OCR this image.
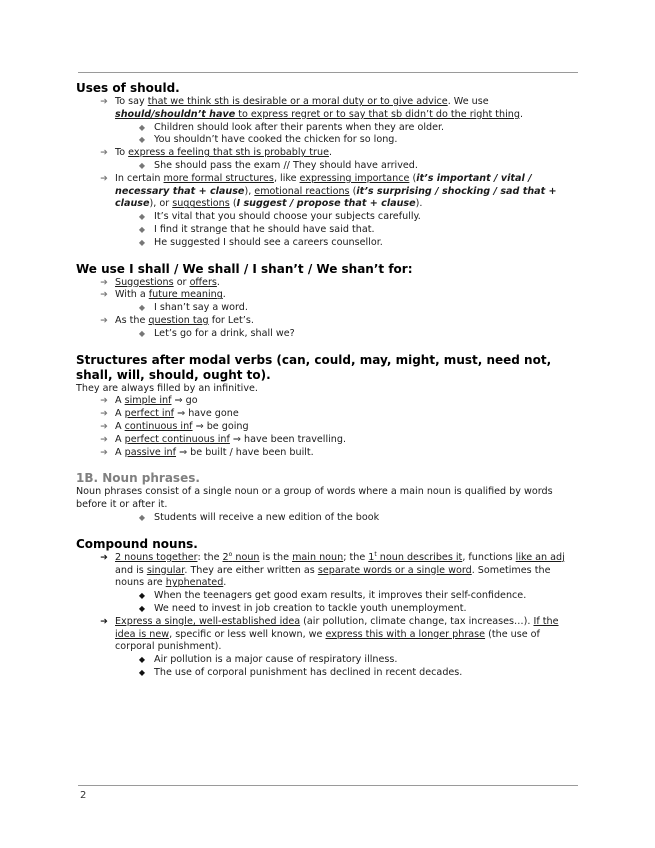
Uses of should.
➔ To say that we think sth is desirable or a moral duty or to give advice. We use should/shouldn’t have to express regret or to say that sb didn’t do the right thing.
◆ Children should look after their parents when they are older.
◆ You shouldn’t have cooked the chicken for so long.
➔ To express a feeling that sth is probably true.
◆ She should pass the exam // They should have arrived.
➔ In certain more formal structures, like expressing importance (it’s important / vital / necessary that + clause), emotional reactions (it’s surprising / shocking / sad that + clause), or suggestions (I suggest / propose that + clause).
◆ It’s vital that you should choose your subjects carefully.
◆ I find it strange that he should have said that.
◆ He suggested I should see a careers counsellor.
We use I shall / We shall / I shan’t / We shan’t for:
➔ Suggestions or offers.
➔ With a future meaning.
◆ I shan’t say a word.
➔ As the question tag for Let’s.
◆ Let’s go for a drink, shall we?
Structures after modal verbs (can, could, may, might, must, need not, shall, will, should, ought to).

They are always filled by an infinitive.

➔ A simple inf ⇒ go
➔ A perfect inf ⇒ have gone
➔ A continuous inf ⇒ be going
➔ A perfect continuous inf ⇒ have been travelling.
➔ A passive inf ⇒ be built / have been built.
1B. Noun phrases.

Noun phrases consist of a single noun or a group of words where a main noun is qualified by words before it or after it.

◆ Students will receive a new edition of the book
Compound nouns.
➔ 2 nouns together: the 2$^o$ noun is the main noun; the 1$^t$ noun describes it, functions like an adj and is singular. They are either written as separate words or a single word. Sometimes the nouns are hyphenated.
◆ When the teenagers get good exam results, it improves their self-confidence.
◆ We need to invest in job creation to tackle youth unemployment.
➔ Express a single, well-established idea (air pollution, climate change, tax increases…). If the idea is new, specific or less well known, we express this with a longer phrase (the use of corporal punishment).
◆ Air pollution is a major cause of respiratory illness.
◆ The use of corporal punishment has declined in recent decades.
2
